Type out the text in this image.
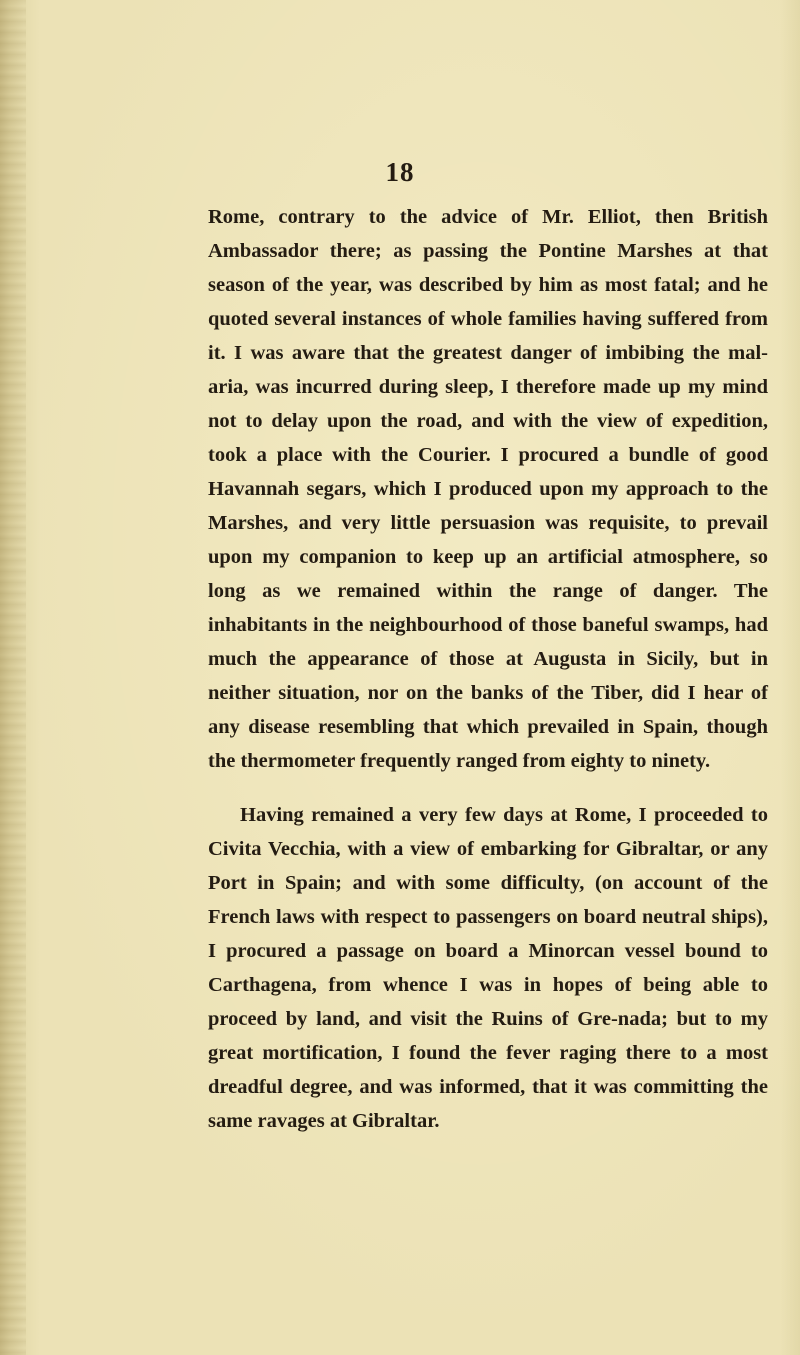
18

Rome, contrary to the advice of Mr. Elliot, then British Ambassador there; as passing the Pontine Marshes at that season of the year, was described by him as most fatal; and he quoted several instances of whole families having suffered from it. I was aware that the greatest danger of imbibing the mal-aria, was incurred during sleep, I therefore made up my mind not to delay upon the road, and with the view of expedition, took a place with the Courier. I procured a bundle of good Havannah segars, which I produced upon my approach to the Marshes, and very little persuasion was requisite, to prevail upon my companion to keep up an artificial atmosphere, so long as we remained within the range of danger. The inhabitants in the neighbourhood of those baneful swamps, had much the appearance of those at Augusta in Sicily, but in neither situation, nor on the banks of the Tiber, did I hear of any disease resembling that which prevailed in Spain, though the thermometer frequently ranged from eighty to ninety.

Having remained a very few days at Rome, I proceeded to Civita Vecchia, with a view of embarking for Gibraltar, or any Port in Spain; and with some difficulty, (on account of the French laws with respect to passengers on board neutral ships), I procured a passage on board a Minorcan vessel bound to Carthagena, from whence I was in hopes of being able to proceed by land, and visit the Ruins of Gre-nada; but to my great mortification, I found the fever raging there to a most dreadful degree, and was informed, that it was committing the same ravages at Gibraltar.
